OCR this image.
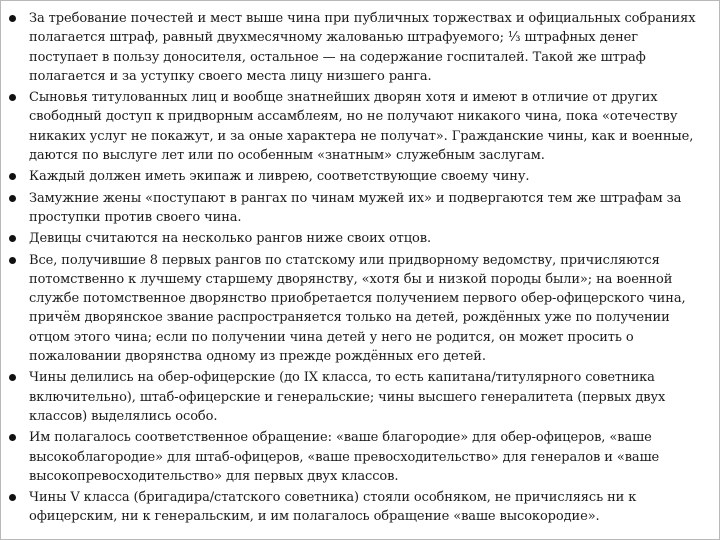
За требование почестей и мест выше чина при публичных торжествах и официальных собраниях полагается штраф, равный двухмесячному жалованью штрафуемого; ⅓ штрафных денег поступает в пользу доносителя, остальное — на содержание госпиталей. Такой же штраф полагается и за уступку своего места лицу низшего ранга.
Сыновья титулованных лиц и вообще знатнейших дворян хотя и имеют в отличие от других свободный доступ к придворным ассамблеям, но не получают никакого чина, пока «отечеству никаких услуг не покажут, и за оные характера не получат». Гражданские чины, как и военные, даются по выслуге лет или по особенным «знатным» служебным заслугам.
Каждый должен иметь экипаж и ливрею, соответствующие своему чину.
Замужние жены «поступают в рангах по чинам мужей их» и подвергаются тем же штрафам за проступки против своего чина.
Девицы считаются на несколько рангов ниже своих отцов.
Все, получившие 8 первых рангов по статскому или придворному ведомству, причисляются потомственно к лучшему старшему дворянству, «хотя бы и низкой породы были»; на военной службе потомственное дворянство приобретается получением первого обер-офицерского чина, причём дворянское звание распространяется только на детей, рождённых уже по получении отцом этого чина; если по получении чина детей у него не родится, он может просить о пожаловании дворянства одному из прежде рождённых его детей.
Чины делились на обер-офицерские (до IX класса, то есть капитана/титулярного советника включительно), штаб-офицерские и генеральские; чины высшего генералитета (первых двух классов) выделялись особо.
Им полагалось соответственное обращение: «ваше благородие» для обер-офицеров, «ваше высокоблагородие» для штаб-офицеров, «ваше превосходительство» для генералов и «ваше высокопревосходительство» для первых двух классов.
Чины V класса (бригадира/статского советника) стояли особняком, не причисляясь ни к офицерским, ни к генеральским, и им полагалось обращение «ваше высокородие».
